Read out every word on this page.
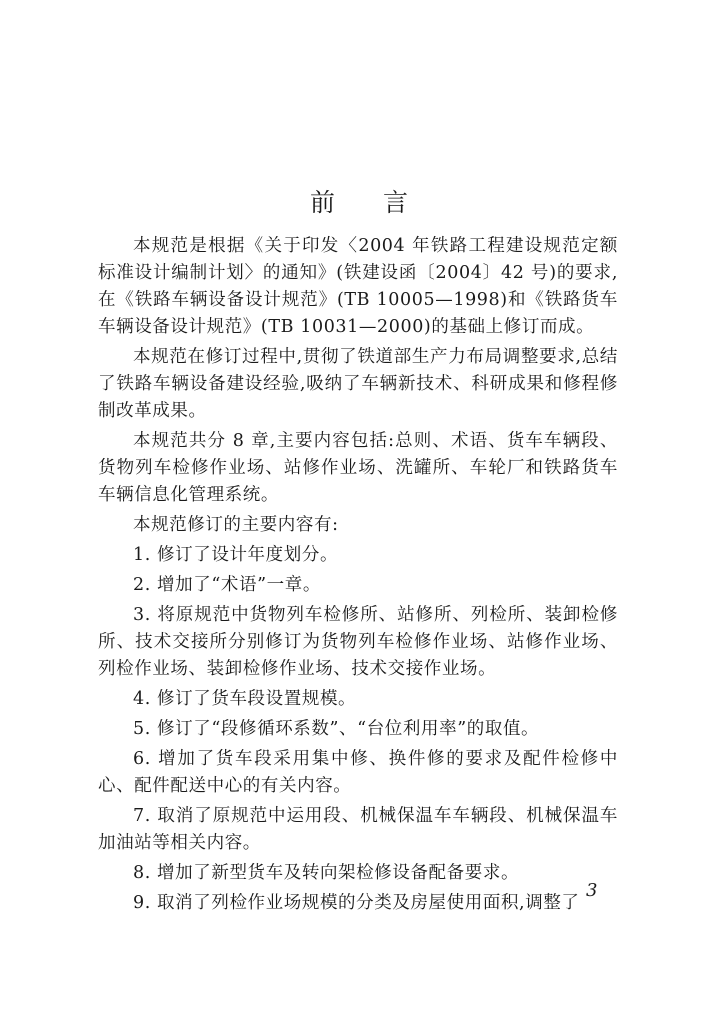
前 言

本规范是根据《关于印发〈2004 年铁路工程建设规范定额标准设计编制计划〉的通知》(铁建设函〔2004〕42 号)的要求,在《铁路车辆设备设计规范》(TB 10005—1998)和《铁路货车车辆设备设计规范》(TB 10031—2000)的基础上修订而成。

本规范在修订过程中,贯彻了铁道部生产力布局调整要求,总结了铁路车辆设备建设经验,吸纳了车辆新技术、科研成果和修程修制改革成果。

本规范共分 8 章,主要内容包括:总则、术语、货车车辆段、货物列车检修作业场、站修作业场、洗罐所、车轮厂和铁路货车车辆信息化管理系统。

本规范修订的主要内容有:

1. 修订了设计年度划分。

2. 增加了“术语”一章。

3. 将原规范中货物列车检修所、站修所、列检所、装卸检修所、技术交接所分别修订为货物列车检修作业场、站修作业场、列检作业场、装卸检修作业场、技术交接作业场。

4. 修订了货车段设置规模。

5. 修订了“段修循环系数”、“台位利用率”的取值。

6. 增加了货车段采用集中修、换件修的要求及配件检修中心、配件配送中心的有关内容。

7. 取消了原规范中运用段、机械保温车车辆段、机械保温车加油站等相关内容。

8. 增加了新型货车及转向架检修设备配备要求。

9. 取消了列检作业场规模的分类及房屋使用面积,调整了

3
